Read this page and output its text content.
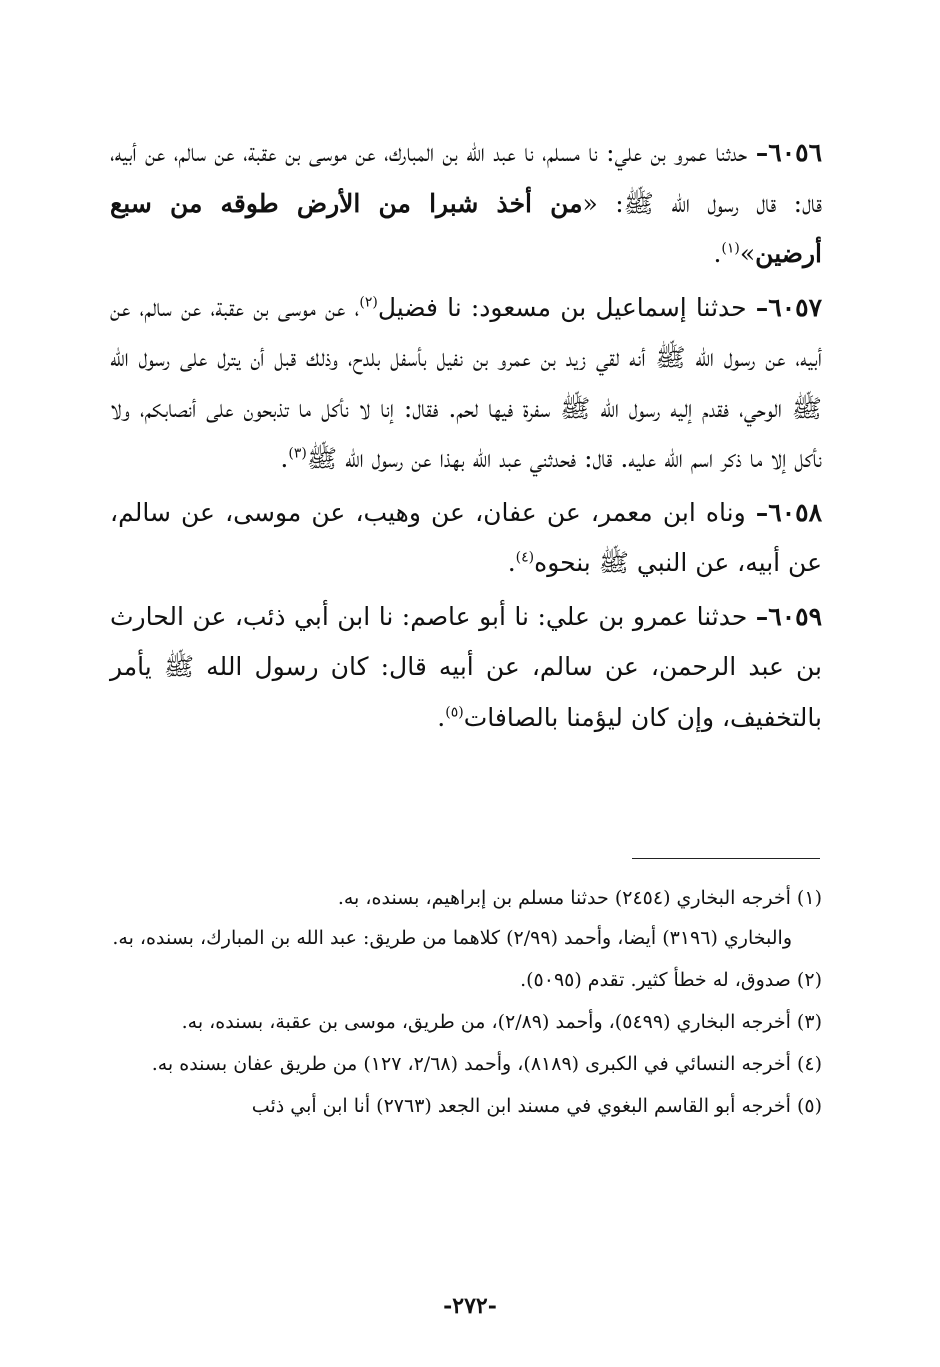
٦٠٥٦– حدثنا عمرو بن علي: نا مسلم، نا عبد الله بن المبارك، عن موسى بن عقبة، عن سالم، عن أبيه، قال: قال رسول الله ﷺ: «من أخذ شبرا من الأرض طوقه من سبع أرضين»$^{(١)}$.

٦٠٥٧– حدثنا إسماعيل بن مسعود: نا فضيل$^{(٢)}$، عن موسى بن عقبة، عن سالم، عن أبيه، عن رسول الله ﷺ أنه لقي زيد بن عمرو بن نفيل بأسفل بلدح، وذلك قبل أن يترل على رسول الله ﷺ الوحي، فقدم إليه رسول الله ﷺ سفرة فيها لحم. فقال: إنا لا نأكل ما تذبحون على أنصابكم، ولا نأكل إلا ما ذكر اسم الله عليه. قال: فحدثني عبد الله بهذا عن رسول الله ﷺ$^{(٣)}$.

٦٠٥٨– وناه ابن معمر، عن عفان، عن وهيب، عن موسى، عن سالم، عن أبيه، عن النبي ﷺ بنحوه$^{(٤)}$.

٦٠٥٩– حدثنا عمرو بن علي: نا أبو عاصم: نا ابن أبي ذئب، عن الحارث بن عبد الرحمن، عن سالم، عن أبيه قال: كان رسول الله ﷺ يأمر بالتخفيف، وإن كان ليؤمنا بالصافات$^{(٥)}$.

(١) أخرجه البخاري (٢٤٥٤) حدثنا مسلم بن إبراهيم، بسنده، به.

والبخاري (٣١٩٦) أيضا، وأحمد (٢/٩٩) كلاهما من طريق: عبد الله بن المبارك، بسنده، به.

(٢) صدوق، له خطأ كثير. تقدم (٥٠٩٥).

(٣) أخرجه البخاري (٥٤٩٩)، وأحمد (٢/٨٩)، من طريق، موسى بن عقبة، بسنده، به.

(٤) أخرجه النسائي في الكبرى (٨١٨٩)، وأحمد (٢/٦٨، ١٢٧) من طريق عفان بسنده به.

(٥) أخرجه أبو القاسم البغوي في مسند ابن الجعد (٢٧٦٣) أنا ابن أبي ذئب

-٢٧٢-
